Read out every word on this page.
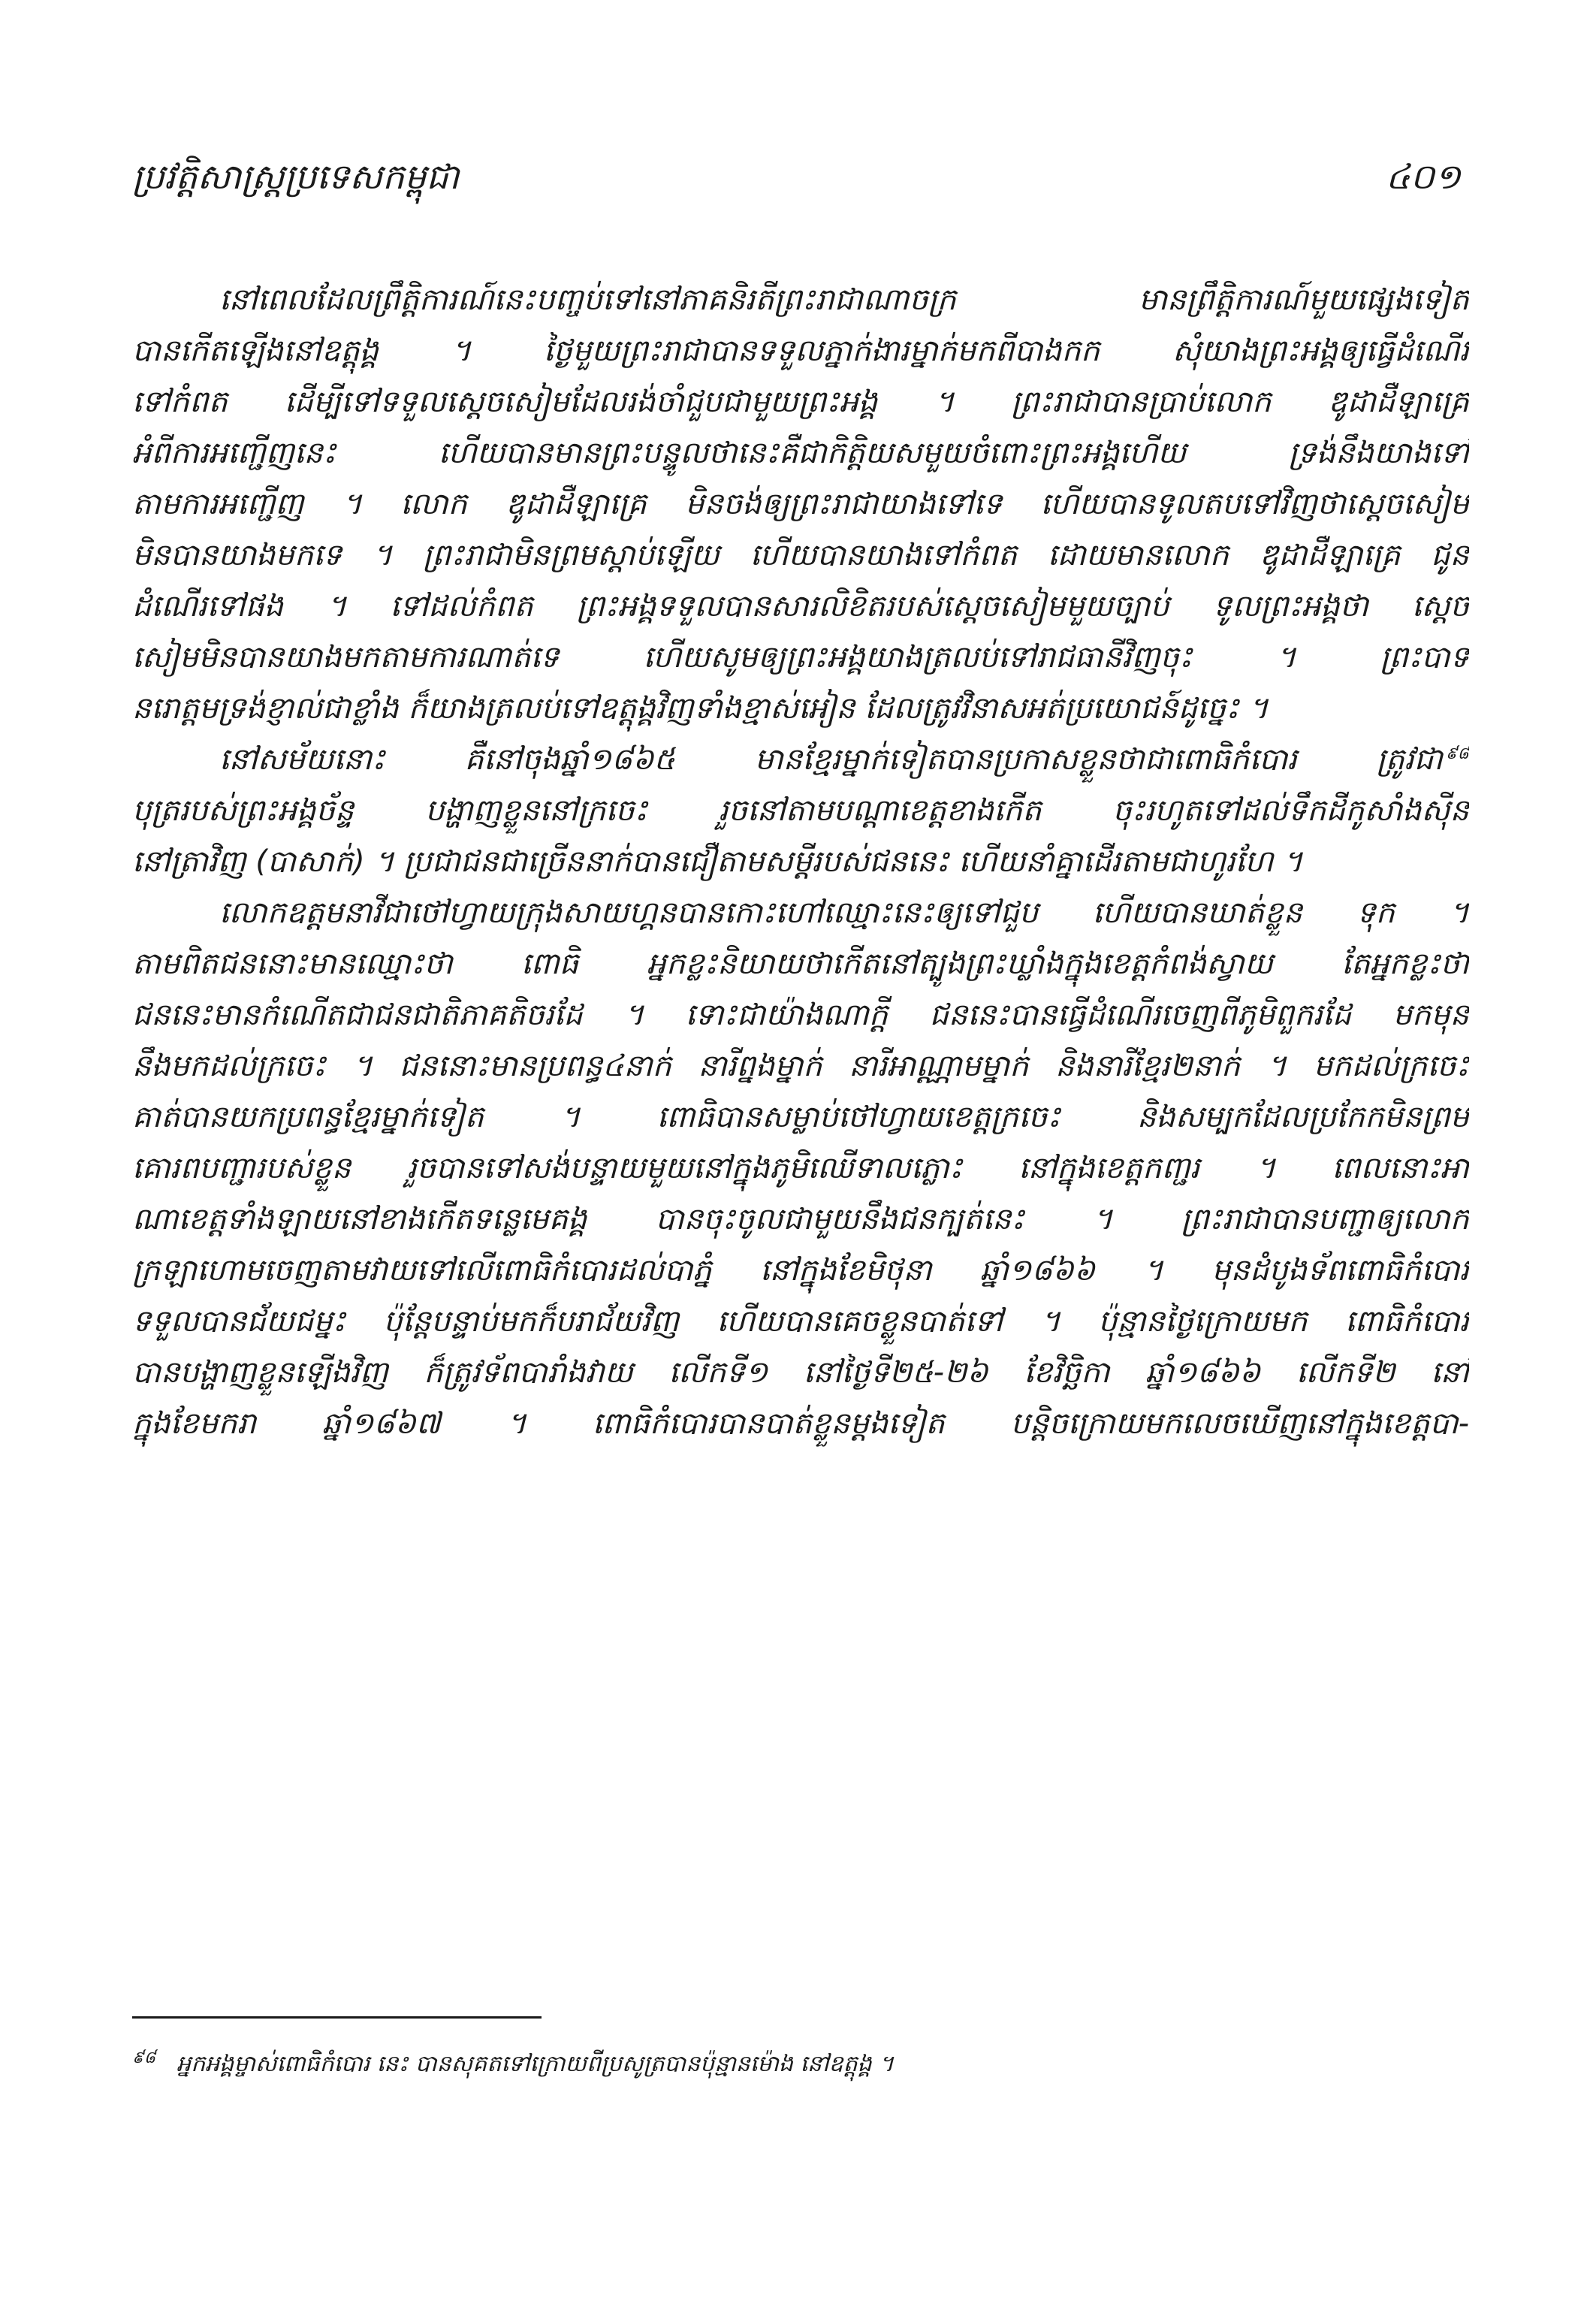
ប្រវត្តិសាស្ត្រប្រទេសកម្ពុជា	៤០១
នៅពេលដែលព្រឹត្តិការណ៍នេះបញ្ចប់ទៅនៅភាគនិរតីព្រះរាជាណាចក្រ មានព្រឹត្តិការណ៍មួយផ្សេងទៀត
បានកើតឡើងនៅឧត្តុង្គ ។ ថ្ងៃមួយព្រះរាជាបានទទួលភ្នាក់ងារម្នាក់មកពីបាងកក សុំយាងព្រះអង្គឲ្យធ្វើដំណើរ
ទៅកំពត ដើម្បីទៅទទួលស្ដេចសៀមដែលរង់ចាំជួបជាមួយព្រះអង្គ ។ ព្រះរាជាបានប្រាប់លោក ឌូដាដឺឡាគ្រេ
អំពីការអញ្ជើញនេះ ហើយបានមានព្រះបន្ទូលថានេះគឺជាកិត្តិយសមួយចំពោះព្រះអង្គហើយ ទ្រង់នឹងយាងទៅ
តាមការអញ្ជើញ ។ លោក ឌូដាដឺឡាគ្រេ មិនចង់ឲ្យព្រះរាជាយាងទៅទេ ហើយបានទូលតបទៅវិញថាស្ដេចសៀម
មិនបានយាងមកទេ ។ ព្រះរាជាមិនព្រមស្ដាប់ឡើយ ហើយបានយាងទៅកំពត ដោយមានលោក ឌូដាដឺឡាគ្រេ ជូន
ដំណើរទៅផង ។ ទៅដល់កំពត ព្រះអង្គទទួលបានសារលិខិតរបស់ស្ដេចសៀមមួយច្បាប់ ទូលព្រះអង្គថា ស្ដេច
សៀមមិនបានយាងមកតាមការណាត់ទេ ហើយសូមឲ្យព្រះអង្គយាងត្រលប់ទៅរាជធានីវិញចុះ ។ ព្រះបាទ
នរោត្តមទ្រង់ខ្ញាល់ជាខ្លាំង ក៏យាងត្រលប់ទៅឧត្តុង្គវិញទាំងខ្មាស់អៀន ដែលត្រូវវិនាសអត់ប្រយោជន៍ដូច្នេះ ។
នៅសម័យនោះ គឺនៅចុងឆ្នាំ១៨៦៥ មានខ្មែរម្នាក់ទៀតបានប្រកាសខ្លួនថាជាពោធិកំបោរ ត្រូវជា $^{៩៨}$
បុត្ររបស់ព្រះអង្គច័ន្ទ បង្ហាញខ្លួននៅក្រចេះ រួចនៅតាមបណ្ដាខេត្តខាងកើត ចុះរហូតទៅដល់ទឹកដីកូសាំងស៊ីន
នៅត្រាវិញ (បាសាក់) ។ ប្រជាជនជាច្រើននាក់បានជឿតាមសម្ដីរបស់ជននេះ ហើយនាំគ្នាដើរតាមជាហូរហែ ។
លោកឧត្ដមនាវីជាថៅហ្វាយក្រុងសាយហ្គនបានកោះហៅឈ្មោះនេះឲ្យទៅជួប ហើយបានឃាត់ខ្លួន ទុក ។
តាមពិតជននោះមានឈ្មោះថា ពោធិ អ្នកខ្លះនិយាយថាកើតនៅត្បូងព្រះឃ្លាំងក្នុងខេត្តកំពង់ស្វាយ តែអ្នកខ្លះថា
ជននេះមានកំណើតជាជនជាតិភាគតិចរដែ ។ ទោះជាយ៉ាងណាក្ដី ជននេះបានធ្វើដំណើរចេញពីភូមិពួករដែ មកមុន
នឹងមកដល់ក្រចេះ ។ ជននោះមានប្រពន្ធ៤នាក់ នារីព្នងម្នាក់ នារីអាណ្ណាមម្នាក់ និងនារីខ្មែរ២នាក់ ។ មកដល់ក្រចេះ
គាត់បានយកប្រពន្ធខ្មែរម្នាក់ទៀត ។ ពោធិបានសម្លាប់ថៅហ្វាយខេត្តក្រចេះ និងសម្បកដែលប្រកែកមិនព្រម
គោរពបញ្ជារបស់ខ្លួន រួចបានទៅសង់បន្ទាយមួយនៅក្នុងភូមិឈើទាលភ្លោះ នៅក្នុងខេត្តកញ្ជរ ។ ពេលនោះអា
ណាខេត្តទាំងឡាយនៅខាងកើតទន្លេមេគង្គ បានចុះចូលជាមួយនឹងជនក្បត់នេះ ។ ព្រះរាជាបានបញ្ជាឲ្យលោក
ក្រឡាហោមចេញតាមវាយទៅលើពោធិកំបោរដល់បាភ្នំ នៅក្នុងខែមិថុនា ឆ្នាំ១៨៦៦ ។ មុនដំបូងទ័ពពោធិកំបោរ
ទទួលបានជ័យជម្នះ ប៉ុន្តែបន្ទាប់មកក៏បរាជ័យវិញ ហើយបានគេចខ្លួនបាត់ទៅ ។ ប៉ុន្មានថ្ងៃក្រោយមក ពោធិកំបោរ
បានបង្ហាញខ្លួនឡើងវិញ ក៏ត្រូវទ័ពបារាំងវាយ លើកទី១ នៅថ្ងៃទី២៥-២៦ ខែវិច្ឆិកា ឆ្នាំ១៨៦៦ លើកទី២ នៅ
ក្នុងខែមករា ឆ្នាំ១៨៦៧ ។ ពោធិកំបោរបានបាត់ខ្លួនម្ដងទៀត បន្តិចក្រោយមកលេចឃើញនៅក្នុងខេត្តបា-
$^{៩៨}$ អ្នកអង្គម្ចាស់ពោធិកំបោរ នេះ បានសុគតទៅក្រោយពីប្រសូត្របានប៉ុន្មានម៉ោង នៅឧត្តុង្គ ។
